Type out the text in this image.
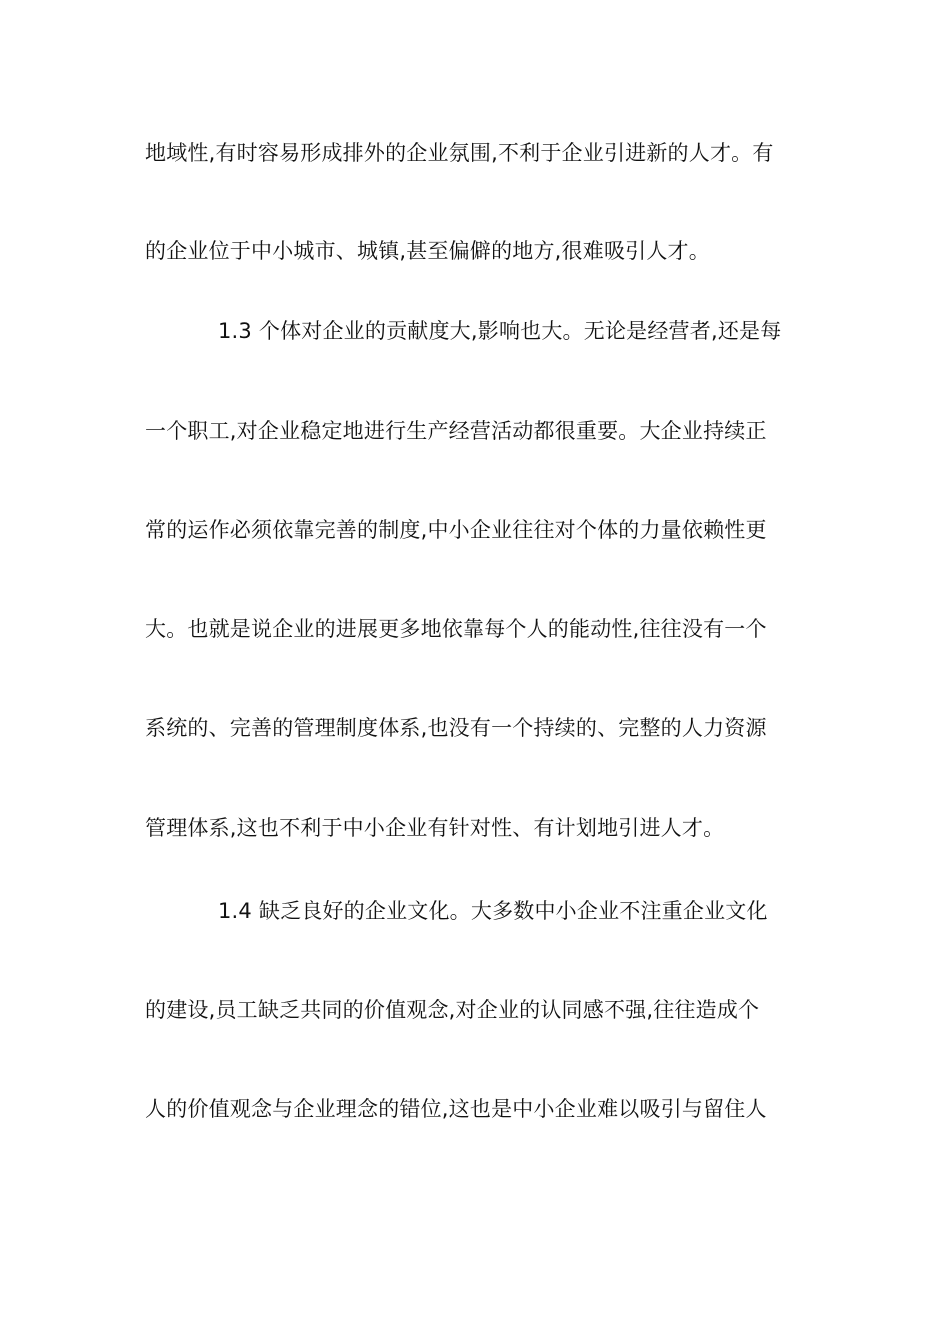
地域性,有时容易形成排外的企业氛围,不利于企业引进新的人才。有
的企业位于中小城市、城镇,甚至偏僻的地方,很难吸引人才。
1.3 个体对企业的贡献度大,影响也大。无论是经营者,还是每
一个职工,对企业稳定地进行生产经营活动都很重要。大企业持续正
常的运作必须依靠完善的制度,中小企业往往对个体的力量依赖性更
大。也就是说企业的进展更多地依靠每个人的能动性,往往没有一个
系统的、完善的管理制度体系,也没有一个持续的、完整的人力资源
管理体系,这也不利于中小企业有针对性、有计划地引进人才。
1.4 缺乏良好的企业文化。大多数中小企业不注重企业文化
的建设,员工缺乏共同的价值观念,对企业的认同感不强,往往造成个
人的价值观念与企业理念的错位,这也是中小企业难以吸引与留住人
